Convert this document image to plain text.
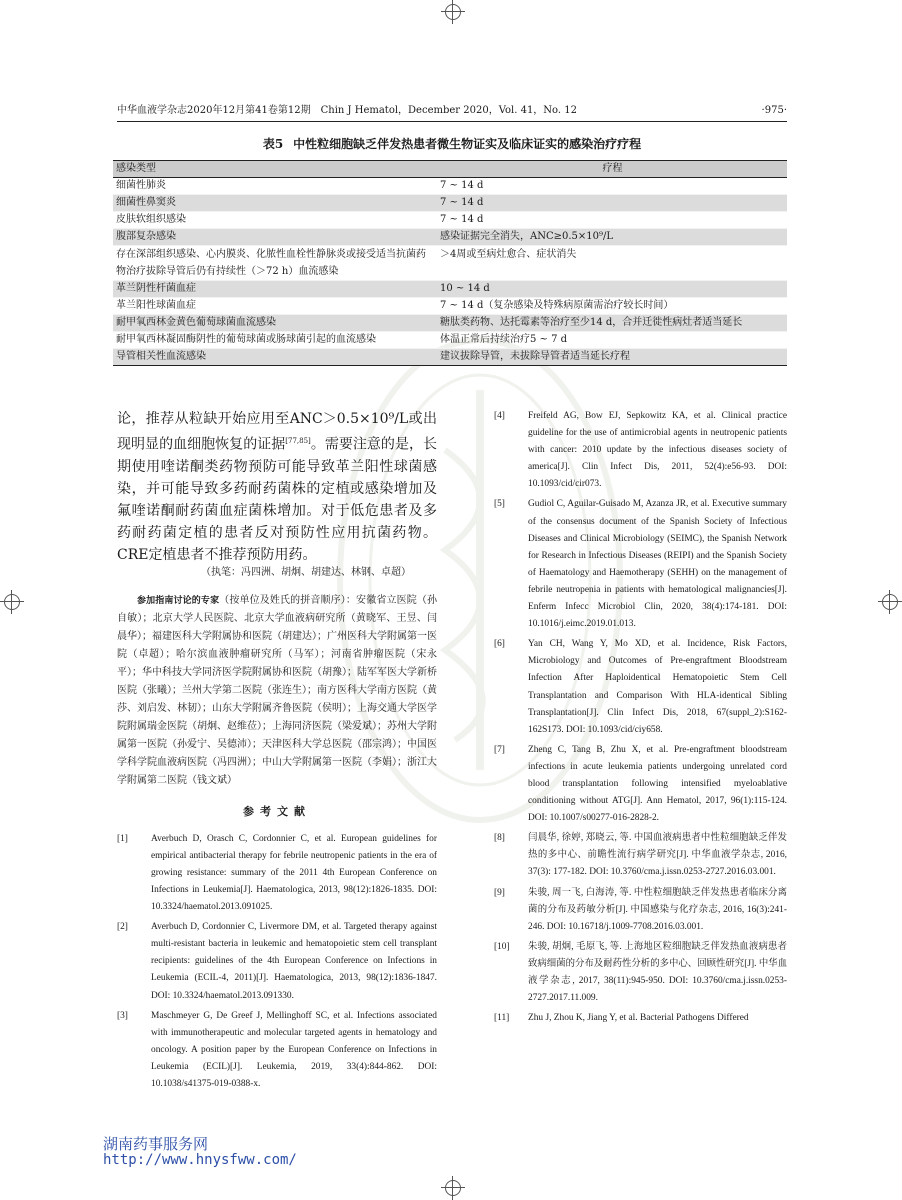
中华血液学杂志2020年12月第41卷第12期　Chin J Hematol，December 2020，Vol. 41，No. 12	·975·
表5 中性粒细胞缺乏伴发热患者微生物证实及临床证实的感染治疗疗程
感染类型	疗程
细菌性肺炎	7 ~ 14 d
细菌性鼻窦炎	7 ~ 14 d
皮肤软组织感染	7 ~ 14 d
腹部复杂感染	感染证据完全消失，ANC≥0.5×10⁹/L
存在深部组织感染、心内膜炎、化脓性血栓性静脉炎或接受适当抗菌药物治疗拔除导管后仍有持续性（＞72 h）血流感染	＞4周或至病灶愈合、症状消失
革兰阴性杆菌血症	10 ~ 14 d
革兰阳性球菌血症	7 ~ 14 d（复杂感染及特殊病原菌需治疗较长时间）
耐甲氧西林金黄色葡萄球菌血流感染	糖肽类药物、达托霉素等治疗至少14 d，合并迁徙性病灶者适当延长
耐甲氧西林凝固酶阴性的葡萄球菌或肠球菌引起的血流感染	体温正常后持续治疗5 ~ 7 d
导管相关性血流感染	建议拔除导管，未拔除导管者适当延长疗程

论，推荐从粒缺开始应用至ANC＞0.5×10⁹/L或出现明显的血细胞恢复的证据[77,85]。需要注意的是，长期使用喹诺酮类药物预防可能导致革兰阳性球菌感染，并可能导致多药耐药菌株的定植或感染增加及氟喹诺酮耐药菌血症菌株增加。对于低危患者及多药耐药菌定植的患者反对预防性应用抗菌药物。CRE定植患者不推荐预防用药。

（执笔：冯四洲、胡炯、胡建达、林钢、卓超）
参加指南讨论的专家（按单位及姓氏的拼音顺序）：安徽省立医院（孙自敏）；北京大学人民医院、北京大学血液病研究所（黄晓军、王昱、闫晨华）；福建医科大学附属协和医院（胡建达）；广州医科大学附属第一医院（卓超）；哈尔滨血液肿瘤研究所（马军）；河南省肿瘤医院（宋永平）；华中科技大学同济医学院附属协和医院（胡豫）；陆军军医大学新桥医院（张曦）；兰州大学第二医院（张连生）；南方医科大学南方医院（黄莎、刘启发、林韧）；山东大学附属齐鲁医院（侯明）；上海交通大学医学院附属瑞金医院（胡炯、赵维莅）；上海同济医院（梁爱斌）；苏州大学附属第一医院（孙爱宁、吴德沛）；天津医科大学总医院（邵宗鸿）；中国医学科学院血液病医院（冯四洲）；中山大学附属第一医院（李娟）；浙江大学附属第二医院（钱文斌）
参考文献
[1] Averbuch D, Orasch C, Cordonnier C, et al. European guidelines for empirical antibacterial therapy for febrile neutropenic patients in the era of growing resistance: summary of the 2011 4th European Conference on Infections in Leukemia[J]. Haematologica, 2013, 98(12):1826-1835. DOI: 10.3324/haematol.2013.091025.
[2] Averbuch D, Cordonnier C, Livermore DM, et al. Targeted therapy against multi-resistant bacteria in leukemic and hematopoietic stem cell transplant recipients: guidelines of the 4th European Conference on Infections in Leukemia (ECIL-4, 2011)[J]. Haematologica, 2013, 98(12):1836-1847. DOI: 10.3324/haematol.2013.091330.
[3] Maschmeyer G, De Greef J, Mellinghoff SC, et al. Infections associated with immunotherapeutic and molecular targeted agents in hematology and oncology. A position paper by the European Conference on Infections in Leukemia (ECIL)[J]. Leukemia, 2019, 33(4):844-862. DOI: 10.1038/s41375-019-0388-x.
[4] Freifeld AG, Bow EJ, Sepkowitz KA, et al. Clinical practice guideline for the use of antimicrobial agents in neutropenic patients with cancer: 2010 update by the infectious diseases society of america[J]. Clin Infect Dis, 2011, 52(4):e56-93. DOI: 10.1093/cid/cir073.
[5] Gudiol C, Aguilar-Guisado M, Azanza JR, et al. Executive summary of the consensus document of the Spanish Society of Infectious Diseases and Clinical Microbiology (SEIMC), the Spanish Network for Research in Infectious Diseases (REIPI) and the Spanish Society of Haematology and Haemotherapy (SEHH) on the management of febrile neutropenia in patients with hematological malignancies[J]. Enferm Infecc Microbiol Clin, 2020, 38(4):174-181. DOI: 10.1016/j.eimc.2019.01.013.
[6] Yan CH, Wang Y, Mo XD, et al. Incidence, Risk Factors, Microbiology and Outcomes of Pre-engraftment Bloodstream Infection After Haploidentical Hematopoietic Stem Cell Transplantation and Comparison With HLA-identical Sibling Transplantation[J]. Clin Infect Dis, 2018, 67(suppl_2):S162-162S173. DOI: 10.1093/cid/ciy658.
[7] Zheng C, Tang B, Zhu X, et al. Pre-engraftment bloodstream infections in acute leukemia patients undergoing unrelated cord blood transplantation following intensified myeloablative conditioning without ATG[J]. Ann Hematol, 2017, 96(1):115-124. DOI: 10.1007/s00277-016-2828-2.
[8] 闫晨华, 徐婷, 郑晓云, 等. 中国血液病患者中性粒细胞缺乏伴发热的多中心、前瞻性流行病学研究[J]. 中华血液学杂志, 2016, 37(3): 177-182. DOI: 10.3760/cma.j.issn.0253-2727.2016.03.001.
[9] 朱骏, 周一飞, 白海涛, 等. 中性粒细胞缺乏伴发热患者临床分离菌的分布及药敏分析[J]. 中国感染与化疗杂志, 2016, 16(3):241-246. DOI: 10.16718/j.1009-7708.2016.03.001.
[10] 朱骏, 胡炯, 毛原飞, 等. 上海地区粒细胞缺乏伴发热血液病患者致病细菌的分布及耐药性分析的多中心、回顾性研究[J]. 中华血液学杂志, 2017, 38(11):945-950. DOI: 10.3760/cma.j.issn.0253-2727.2017.11.009.
[11] Zhu J, Zhou K, Jiang Y, et al. Bacterial Pathogens Differed
湖南药事服务网
http://www.hnysfww.com/
